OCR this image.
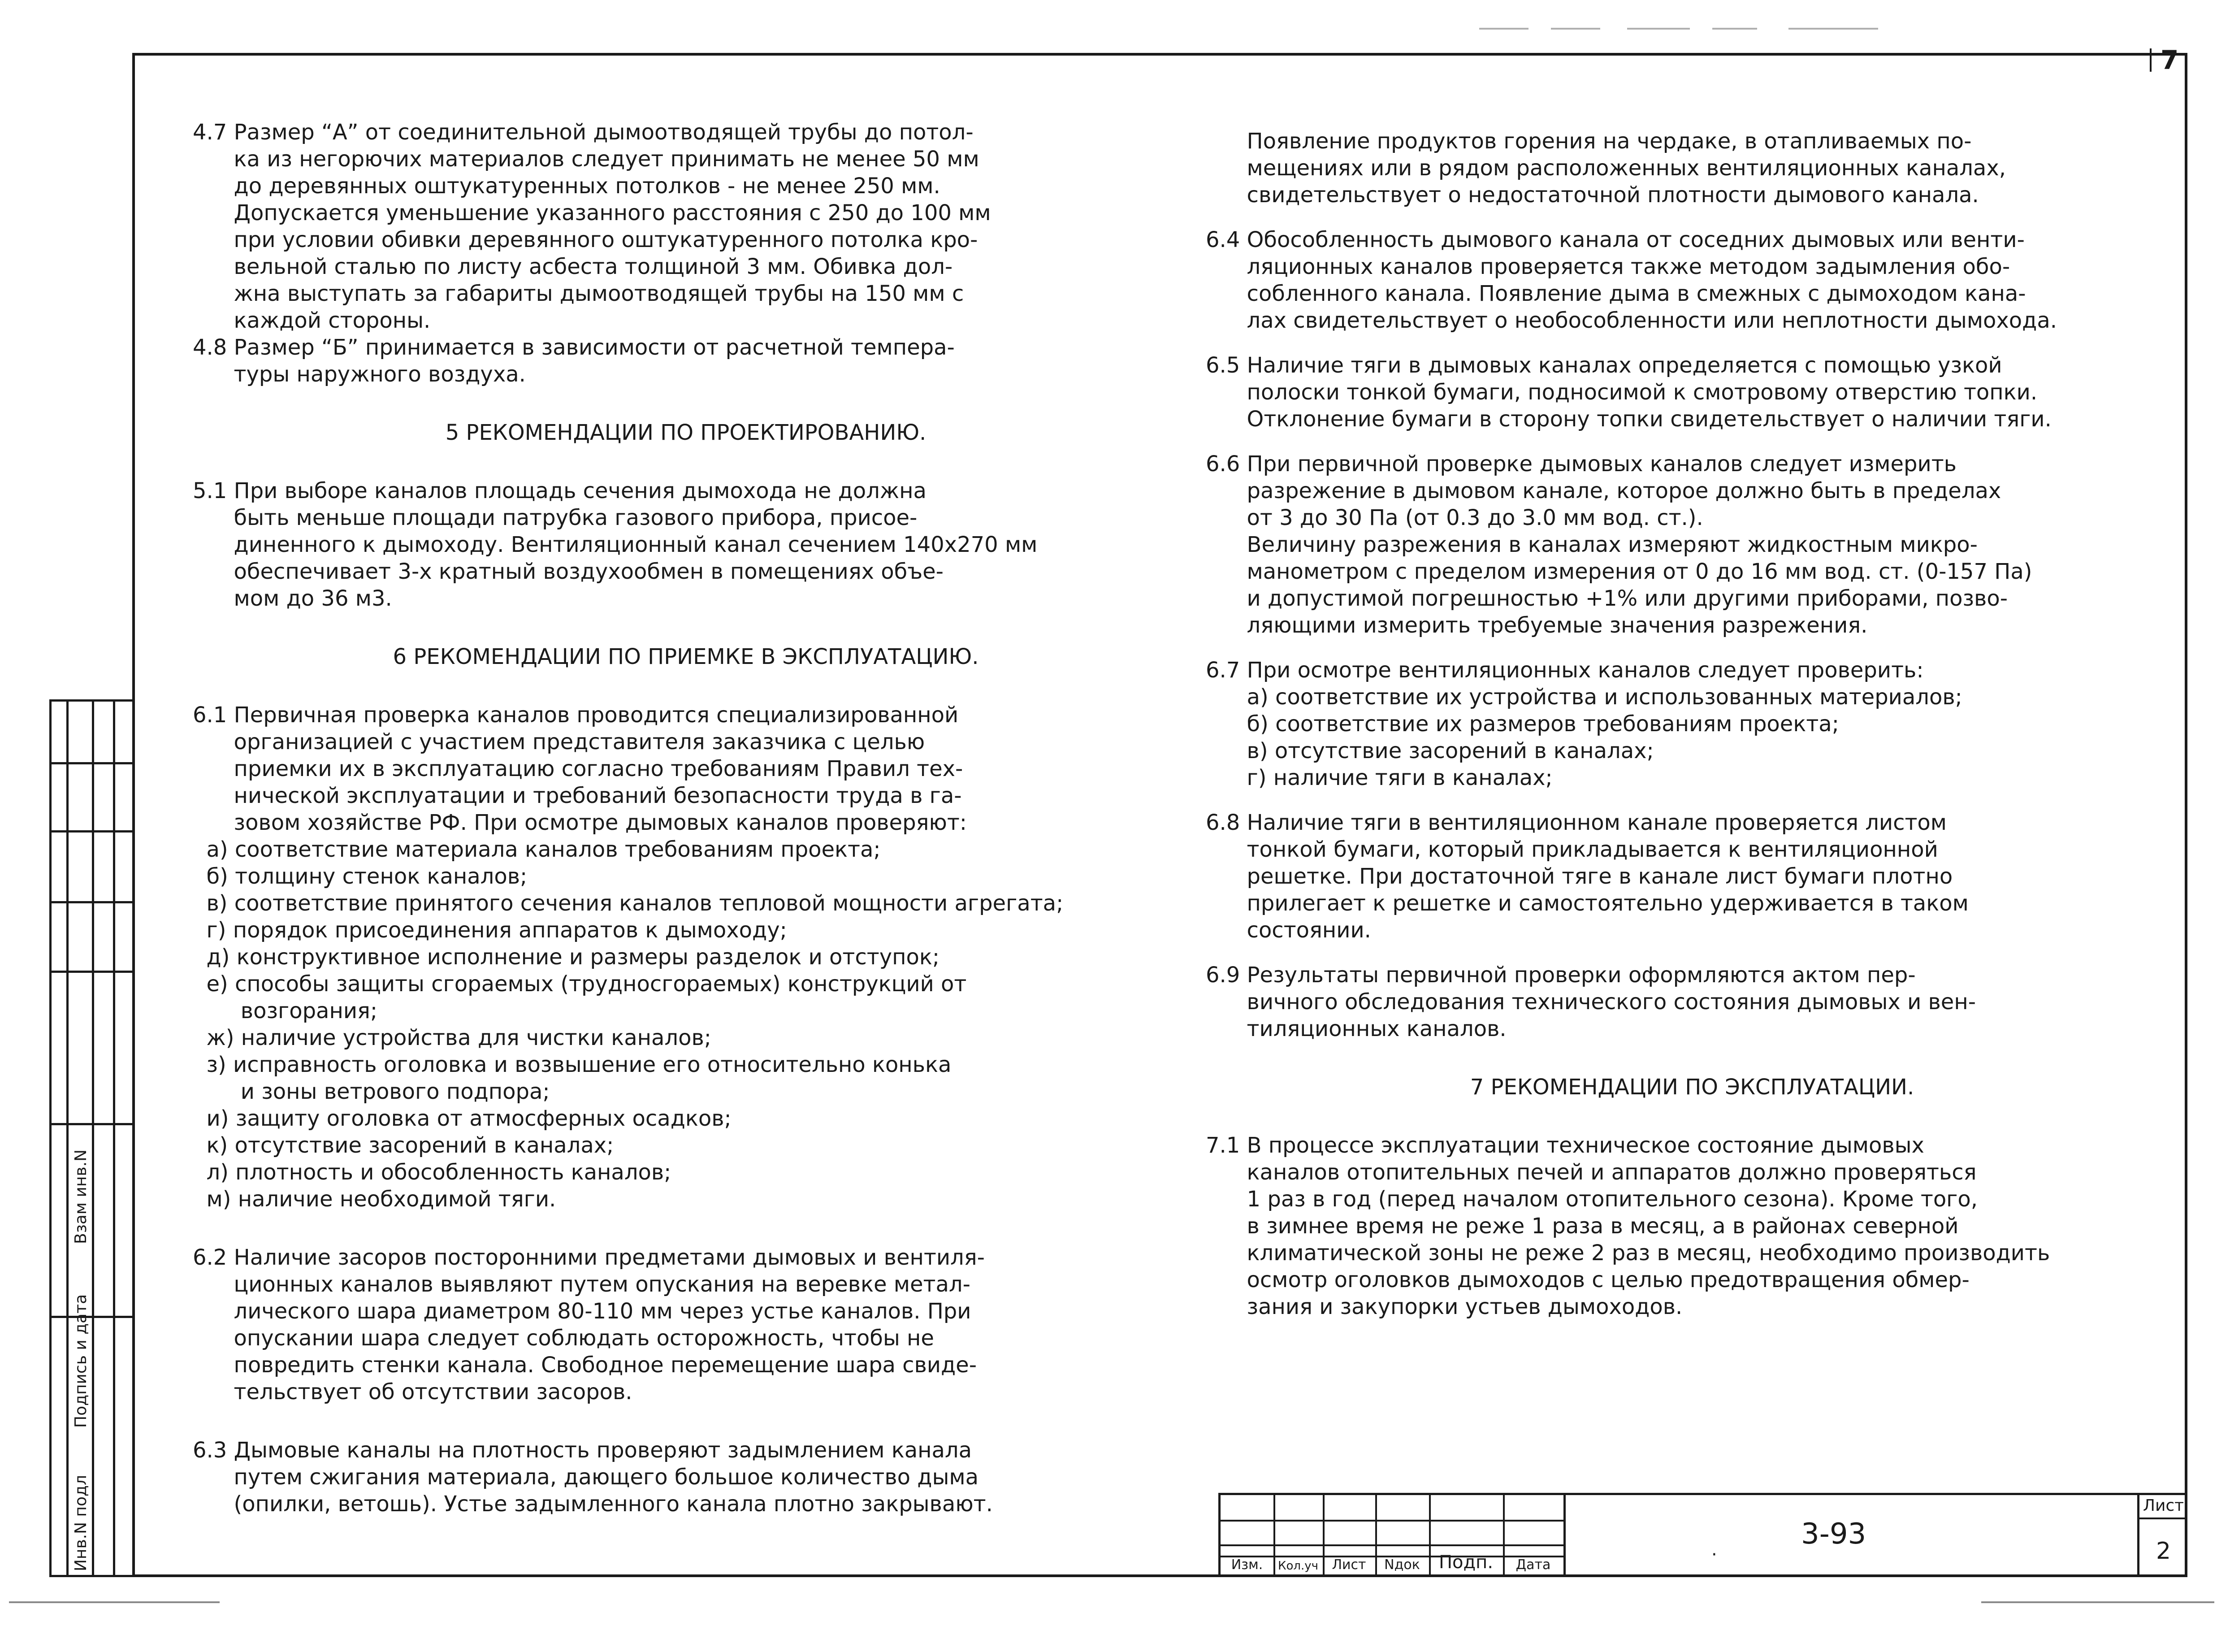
7
Взам инв.N
Подпись и дата
Инв.N подл
4.7 Размер “А” от соединительной дымоотводящей трубы до потол-
ка из негорючих материалов следует принимать не менее 50 мм
до деревянных оштукатуренных потолков - не менее 250 мм.
Допускается уменьшение указанного расстояния с 250 до 100 мм
при условии обивки деревянного оштукатуренного потолка кро-
вельной сталью по листу асбеста толщиной 3 мм. Обивка дол-
жна выступать за габариты дымоотводящей трубы на 150 мм с
каждой стороны.
4.8 Размер “Б” принимается в зависимости от расчетной темпера-
туры наружного воздуха.
5 РЕКОМЕНДАЦИИ ПО ПРОЕКТИРОВАНИЮ.
5.1 При выборе каналов площадь сечения дымохода не должна
быть меньше площади патрубка газового прибора, присое-
диненного к дымоходу. Вентиляционный канал сечением 140х270 мм
обеспечивает 3-х кратный воздухообмен в помещениях объе-
мом до 36 м3.
6 РЕКОМЕНДАЦИИ ПО ПРИЕМКЕ В ЭКСПЛУАТАЦИЮ.
6.1 Первичная проверка каналов проводится специализированной
организацией с участием представителя заказчика с целью
приемки их в эксплуатацию согласно требованиям Правил тех-
нической эксплуатации и требований безопасности труда в га-
зовом хозяйстве РФ. При осмотре дымовых каналов проверяют:
а) соответствие материала каналов требованиям проекта;
б) толщину стенок каналов;
в) соответствие принятого сечения каналов тепловой мощности агрегата;
г) порядок присоединения аппаратов к дымоходу;
д) конструктивное исполнение и размеры разделок и отступок;
е) способы защиты сгораемых (трудносгораемых) конструкций от
возгорания;
ж) наличие устройства для чистки каналов;
з) исправность оголовка и возвышение его относительно конька
и зоны ветрового подпора;
и) защиту оголовка от атмосферных осадков;
к) отсутствие засорений в каналах;
л) плотность и обособленность каналов;
м) наличие необходимой тяги.
6.2 Наличие засоров посторонними предметами дымовых и вентиля-
ционных каналов выявляют путем опускания на веревке метал-
лического шара диаметром 80-110 мм через устье каналов. При
опускании шара следует соблюдать осторожность, чтобы не
повредить стенки канала. Свободное перемещение шара свиде-
тельствует об отсутствии засоров.
6.3 Дымовые каналы на плотность проверяют задымлением канала
путем сжигания материала, дающего большое количество дыма
(опилки, ветошь). Устье задымленного канала плотно закрывают.
Появление продуктов горения на чердаке, в отапливаемых по-
мещениях или в рядом расположенных вентиляционных каналах,
свидетельствует о недостаточной плотности дымового канала.
6.4 Обособленность дымового канала от соседних дымовых или венти-
ляционных каналов проверяется также методом задымления обо-
собленного канала. Появление дыма в смежных с дымоходом кана-
лах свидетельствует о необособленности или неплотности дымохода.
6.5 Наличие тяги в дымовых каналах определяется с помощью узкой
полоски тонкой бумаги, подносимой к смотровому отверстию топки.
Отклонение бумаги в сторону топки свидетельствует о наличии тяги.
6.6 При первичной проверке дымовых каналов следует измерить
разрежение в дымовом канале, которое должно быть в пределах
от 3 до 30 Па (от 0.3 до 3.0 мм вод. ст.).
Величину разрежения в каналах измеряют жидкостным микро-
манометром с пределом измерения от 0 до 16 мм вод. ст. (0-157 Па)
и допустимой погрешностью +1% или другими приборами, позво-
ляющими измерить требуемые значения разрежения.
6.7 При осмотре вентиляционных каналов следует проверить:
а) соответствие их устройства и использованных материалов;
б) соответствие их размеров требованиям проекта;
в) отсутствие засорений в каналах;
г) наличие тяги в каналах;
6.8 Наличие тяги в вентиляционном канале проверяется листом
тонкой бумаги, который прикладывается к вентиляционной
решетке. При достаточной тяге в канале лист бумаги плотно
прилегает к решетке и самостоятельно удерживается в таком
состоянии.
6.9 Результаты первичной проверки оформляются актом пер-
вичного обследования технического состояния дымовых и вен-
тиляционных каналов.
7 РЕКОМЕНДАЦИИ ПО ЭКСПЛУАТАЦИИ.
7.1 В процессе эксплуатации техническое состояние дымовых
каналов отопительных печей и аппаратов должно проверяться
1 раз в год (перед началом отопительного сезона). Кроме того,
в зимнее время не реже 1 раза в месяц, а в районах северной
климатической зоны не реже 2 раз в месяц, необходимо производить
осмотр оголовков дымоходов с целью предотвращения обмер-
зания и закупорки устьев дымоходов.
Изм.	Кол.уч	Лист	Nдок	Подп.	Дата	·
3-93
Лист
2
